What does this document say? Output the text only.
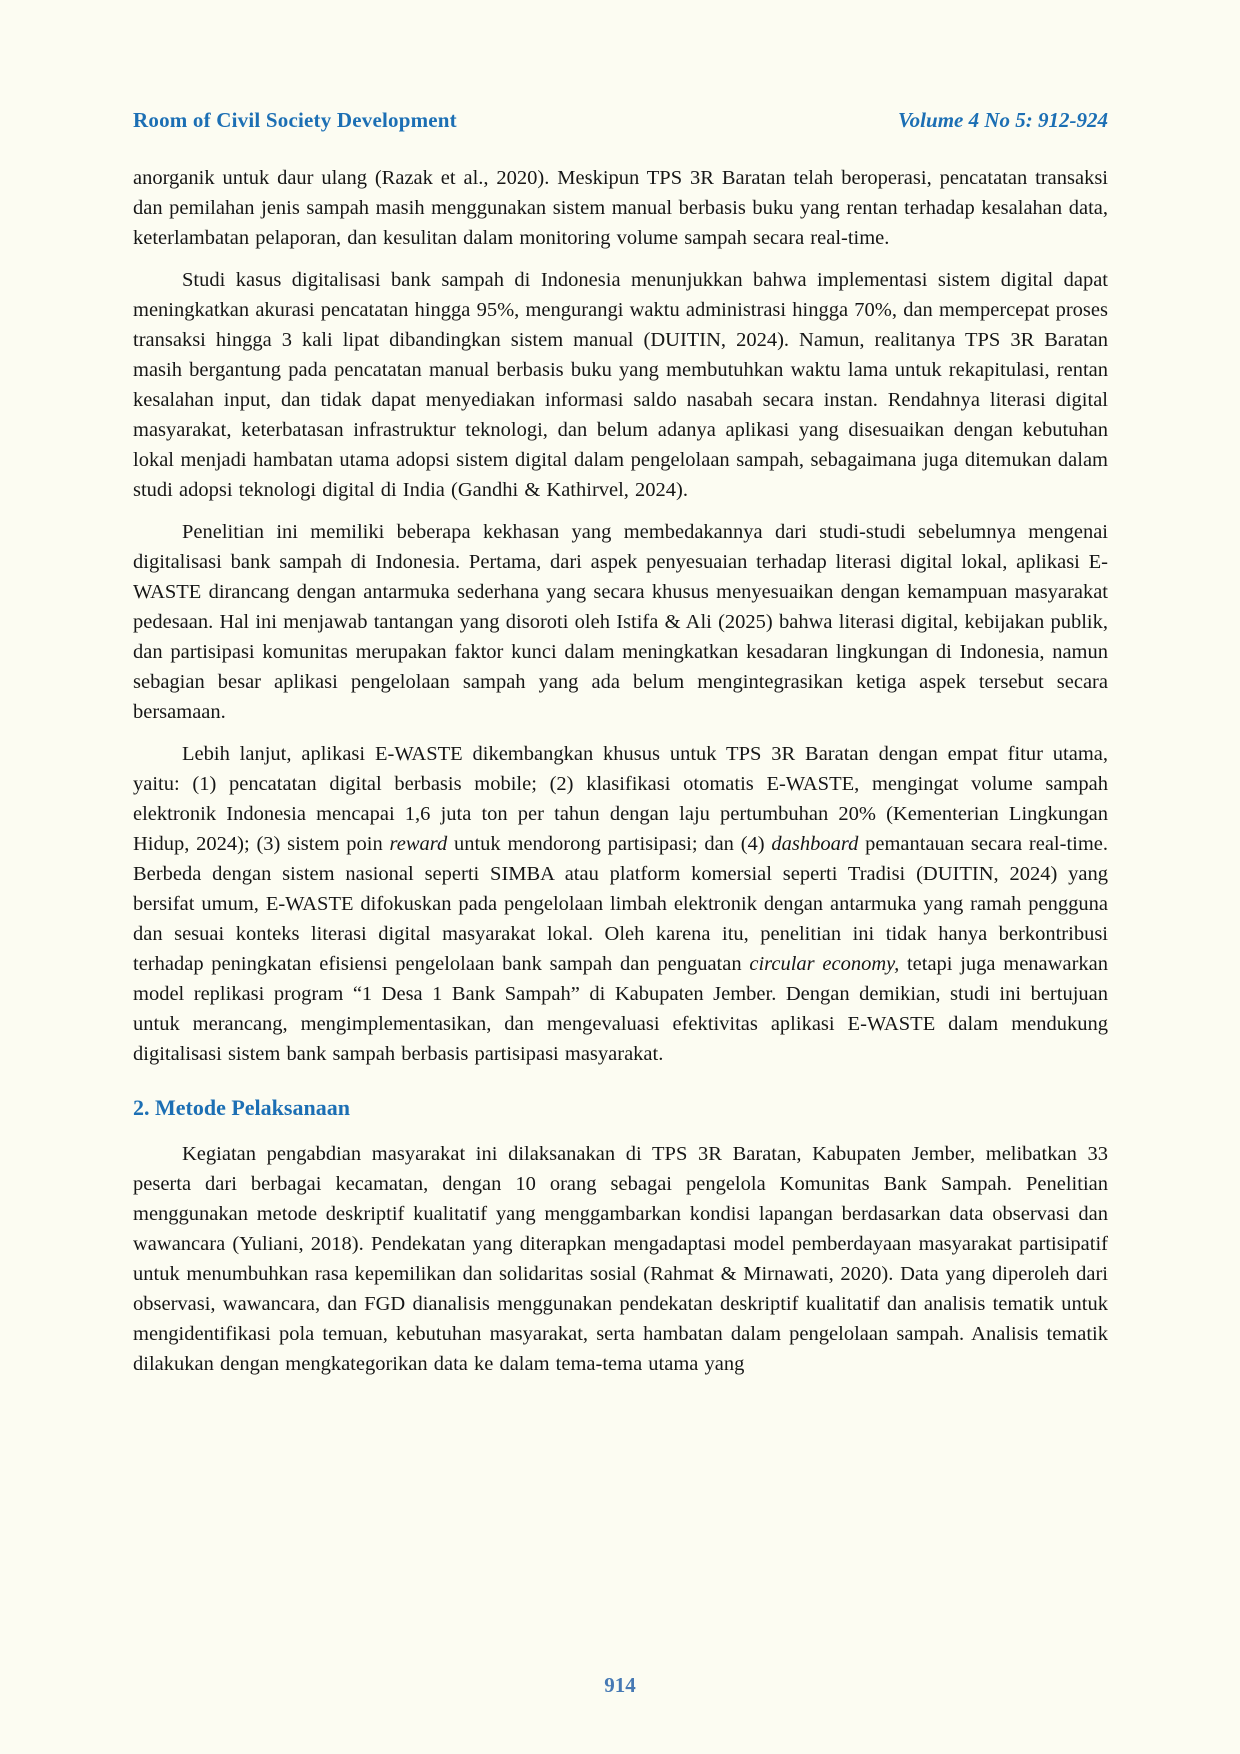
Room of Civil Society Development	Volume 4 No 5: 912-924

anorganik untuk daur ulang (Razak et al., 2020). Meskipun TPS 3R Baratan telah beroperasi, pencatatan transaksi dan pemilahan jenis sampah masih menggunakan sistem manual berbasis buku yang rentan terhadap kesalahan data, keterlambatan pelaporan, dan kesulitan dalam monitoring volume sampah secara real-time.

Studi kasus digitalisasi bank sampah di Indonesia menunjukkan bahwa implementasi sistem digital dapat meningkatkan akurasi pencatatan hingga 95%, mengurangi waktu administrasi hingga 70%, dan mempercepat proses transaksi hingga 3 kali lipat dibandingkan sistem manual (DUITIN, 2024). Namun, realitanya TPS 3R Baratan masih bergantung pada pencatatan manual berbasis buku yang membutuhkan waktu lama untuk rekapitulasi, rentan kesalahan input, dan tidak dapat menyediakan informasi saldo nasabah secara instan. Rendahnya literasi digital masyarakat, keterbatasan infrastruktur teknologi, dan belum adanya aplikasi yang disesuaikan dengan kebutuhan lokal menjadi hambatan utama adopsi sistem digital dalam pengelolaan sampah, sebagaimana juga ditemukan dalam studi adopsi teknologi digital di India (Gandhi & Kathirvel, 2024).

Penelitian ini memiliki beberapa kekhasan yang membedakannya dari studi-studi sebelumnya mengenai digitalisasi bank sampah di Indonesia. Pertama, dari aspek penyesuaian terhadap literasi digital lokal, aplikasi E-WASTE dirancang dengan antarmuka sederhana yang secara khusus menyesuaikan dengan kemampuan masyarakat pedesaan. Hal ini menjawab tantangan yang disoroti oleh Istifa & Ali (2025) bahwa literasi digital, kebijakan publik, dan partisipasi komunitas merupakan faktor kunci dalam meningkatkan kesadaran lingkungan di Indonesia, namun sebagian besar aplikasi pengelolaan sampah yang ada belum mengintegrasikan ketiga aspek tersebut secara bersamaan.

Lebih lanjut, aplikasi E-WASTE dikembangkan khusus untuk TPS 3R Baratan dengan empat fitur utama, yaitu: (1) pencatatan digital berbasis mobile; (2) klasifikasi otomatis E-WASTE, mengingat volume sampah elektronik Indonesia mencapai 1,6 juta ton per tahun dengan laju pertumbuhan 20% (Kementerian Lingkungan Hidup, 2024); (3) sistem poin reward untuk mendorong partisipasi; dan (4) dashboard pemantauan secara real-time. Berbeda dengan sistem nasional seperti SIMBA atau platform komersial seperti Tradisi (DUITIN, 2024) yang bersifat umum, E-WASTE difokuskan pada pengelolaan limbah elektronik dengan antarmuka yang ramah pengguna dan sesuai konteks literasi digital masyarakat lokal. Oleh karena itu, penelitian ini tidak hanya berkontribusi terhadap peningkatan efisiensi pengelolaan bank sampah dan penguatan circular economy, tetapi juga menawarkan model replikasi program “1 Desa 1 Bank Sampah” di Kabupaten Jember. Dengan demikian, studi ini bertujuan untuk merancang, mengimplementasikan, dan mengevaluasi efektivitas aplikasi E-WASTE dalam mendukung digitalisasi sistem bank sampah berbasis partisipasi masyarakat.

2. Metode Pelaksanaan

Kegiatan pengabdian masyarakat ini dilaksanakan di TPS 3R Baratan, Kabupaten Jember, melibatkan 33 peserta dari berbagai kecamatan, dengan 10 orang sebagai pengelola Komunitas Bank Sampah. Penelitian menggunakan metode deskriptif kualitatif yang menggambarkan kondisi lapangan berdasarkan data observasi dan wawancara (Yuliani, 2018). Pendekatan yang diterapkan mengadaptasi model pemberdayaan masyarakat partisipatif untuk menumbuhkan rasa kepemilikan dan solidaritas sosial (Rahmat & Mirnawati, 2020). Data yang diperoleh dari observasi, wawancara, dan FGD dianalisis menggunakan pendekatan deskriptif kualitatif dan analisis tematik untuk mengidentifikasi pola temuan, kebutuhan masyarakat, serta hambatan dalam pengelolaan sampah. Analisis tematik dilakukan dengan mengkategorikan data ke dalam tema-tema utama yang

914
